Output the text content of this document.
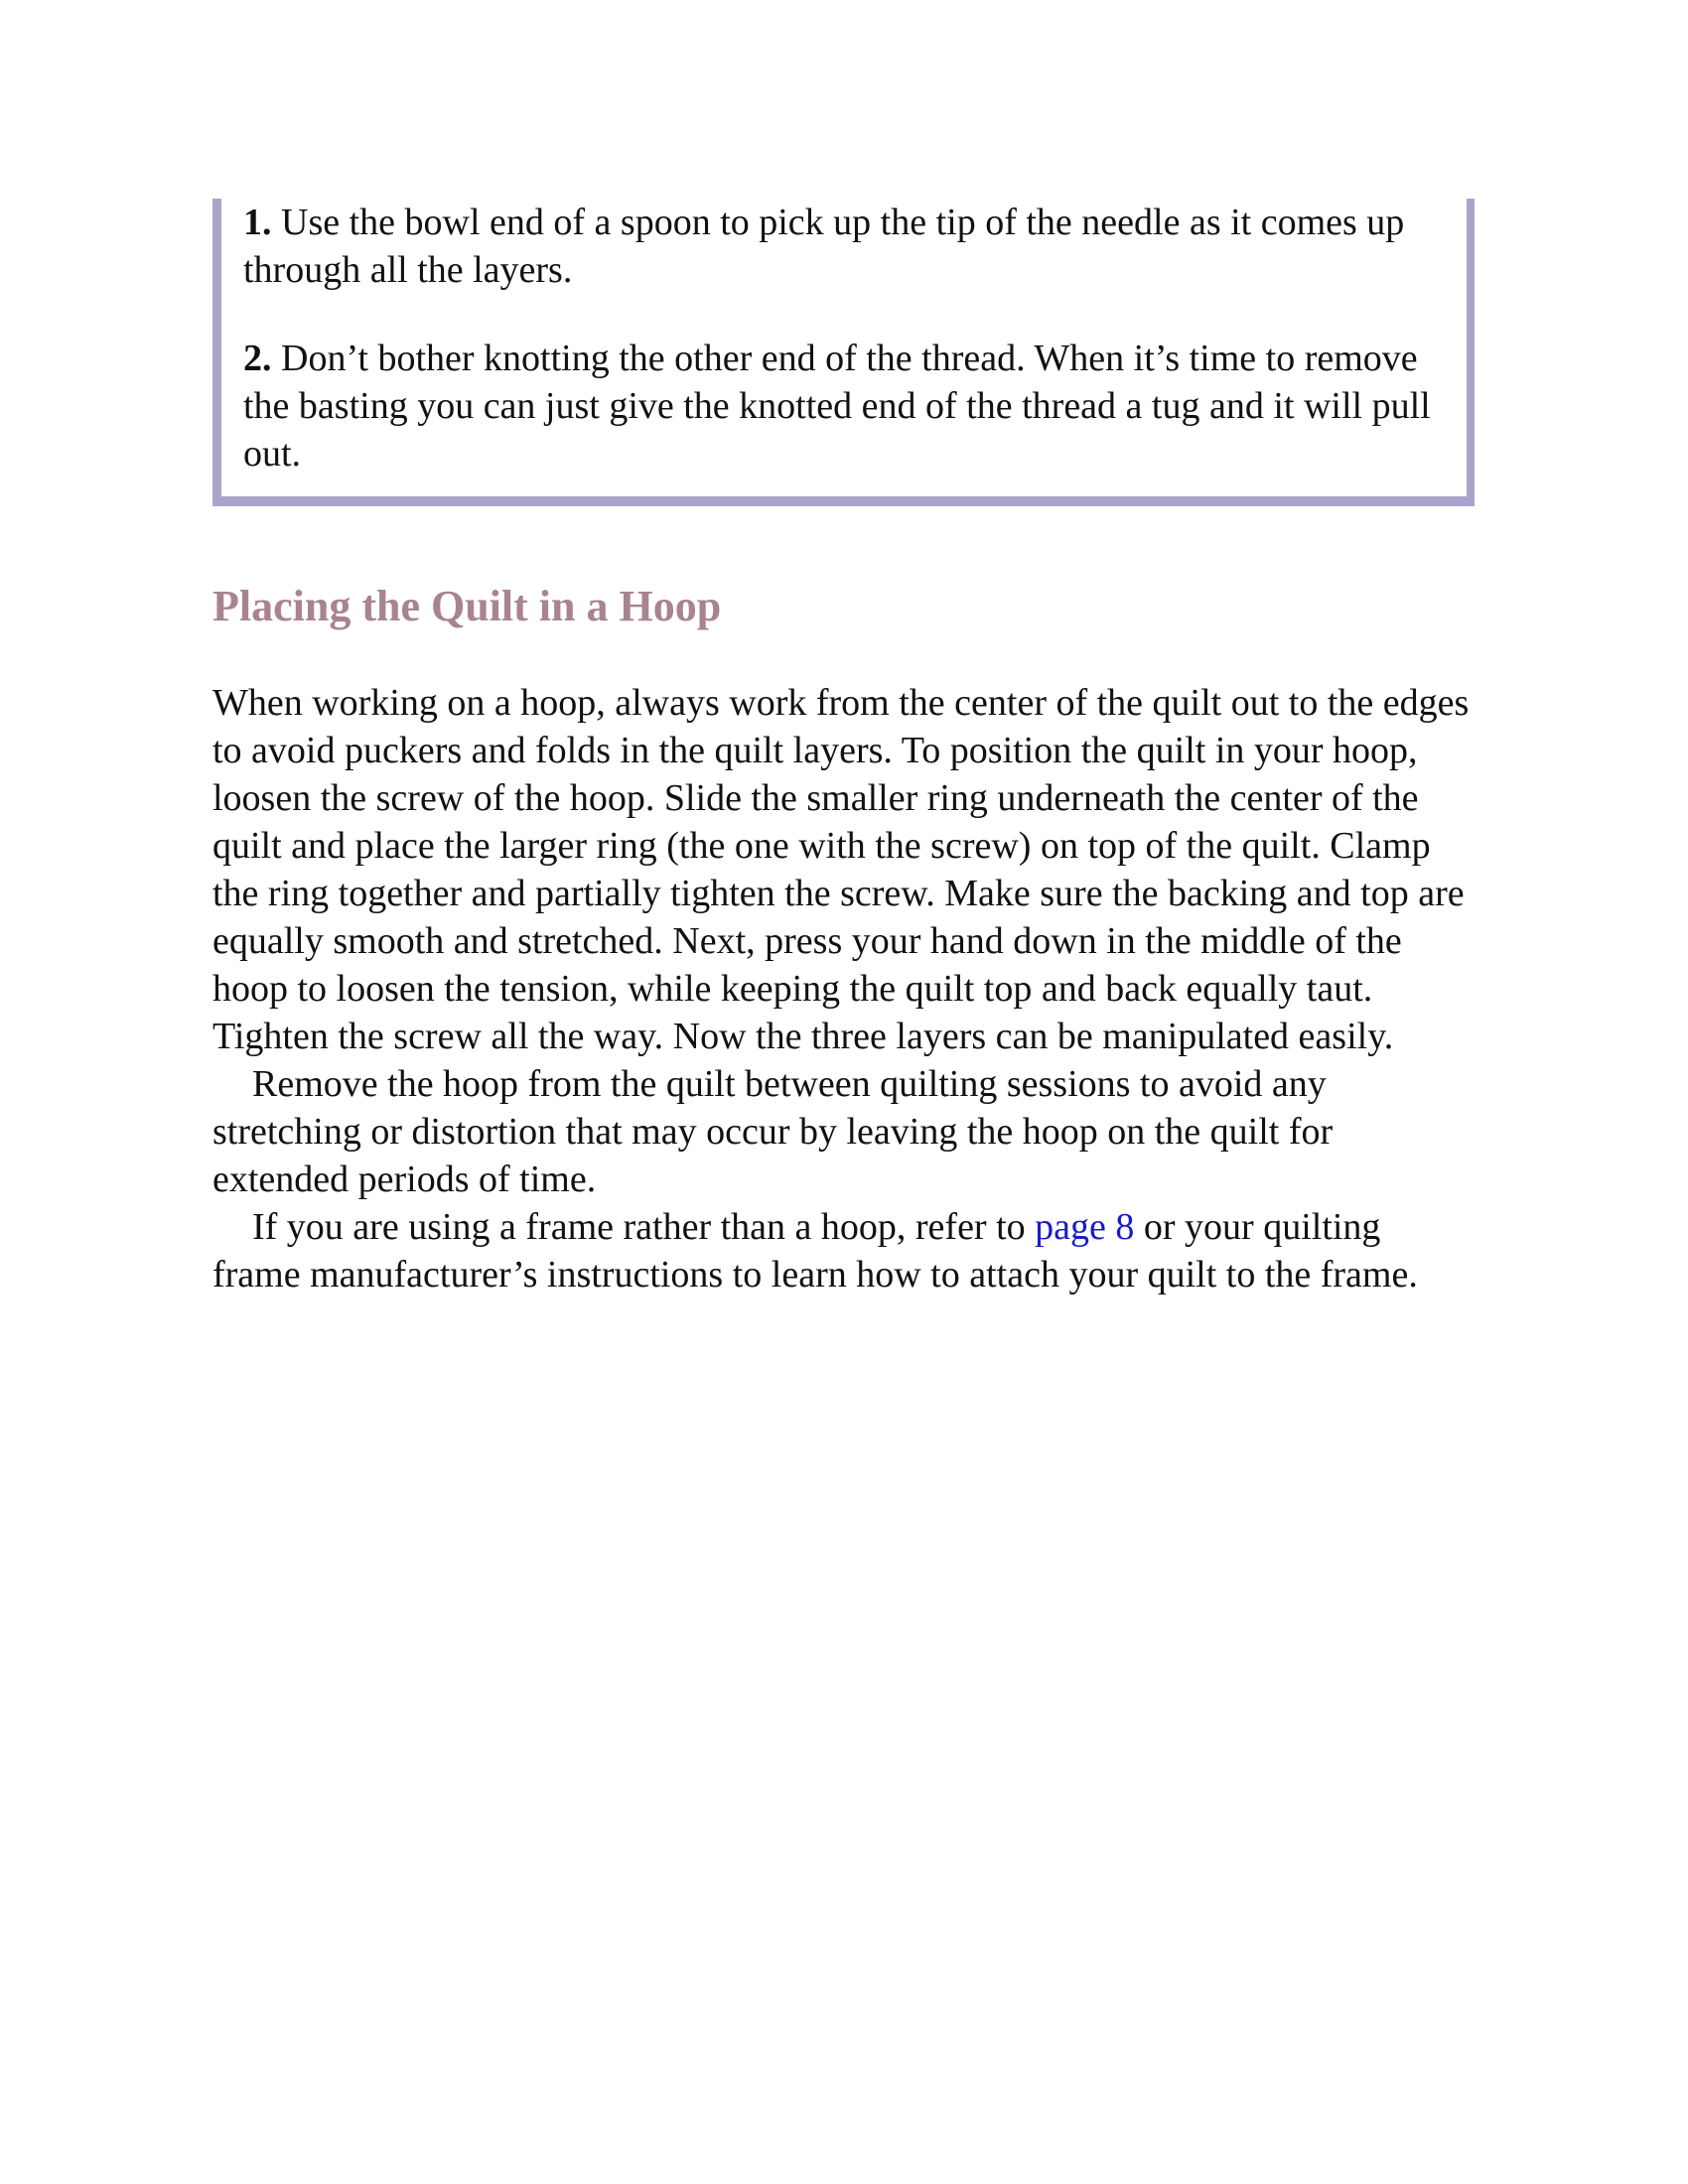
1. Use the bowl end of a spoon to pick up the tip of the needle as it comes up through all the layers.

2. Don’t bother knotting the other end of the thread. When it’s time to remove the basting you can just give the knotted end of the thread a tug and it will pull out.

Placing the Quilt in a Hoop

When working on a hoop, always work from the center of the quilt out to the edges to avoid puckers and folds in the quilt layers. To position the quilt in your hoop, loosen the screw of the hoop. Slide the smaller ring underneath the center of the quilt and place the larger ring (the one with the screw) on top of the quilt. Clamp the ring together and partially tighten the screw. Make sure the backing and top are equally smooth and stretched. Next, press your hand down in the middle of the hoop to loosen the tension, while keeping the quilt top and back equally taut. Tighten the screw all the way. Now the three layers can be manipulated easily.

Remove the hoop from the quilt between quilting sessions to avoid any stretching or distortion that may occur by leaving the hoop on the quilt for extended periods of time.

If you are using a frame rather than a hoop, refer to page 8 or your quilting frame manufacturer’s instructions to learn how to attach your quilt to the frame.
